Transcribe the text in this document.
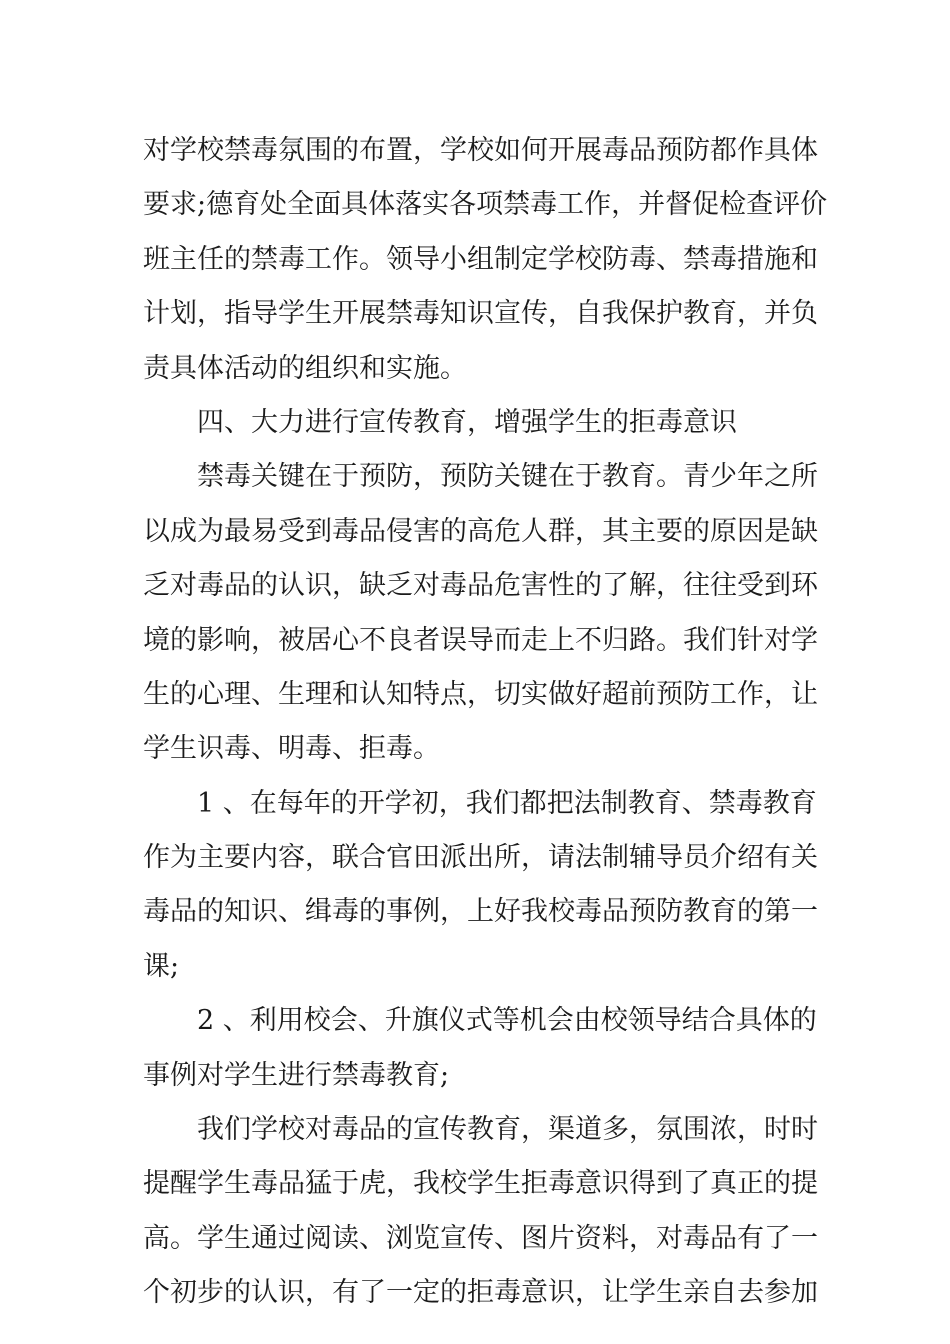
对学校禁毒氛围的布置，学校如何开展毒品预防都作具体
要求;德育处全面具体落实各项禁毒工作，并督促检查评价
班主任的禁毒工作。领导小组制定学校防毒、禁毒措施和
计划，指导学生开展禁毒知识宣传，自我保护教育，并负
责具体活动的组织和实施。
四、大力进行宣传教育，增强学生的拒毒意识
禁毒关键在于预防，预防关键在于教育。青少年之所
以成为最易受到毒品侵害的高危人群，其主要的原因是缺
乏对毒品的认识，缺乏对毒品危害性的了解，往往受到环
境的影响，被居心不良者误导而走上不归路。我们针对学
生的心理、生理和认知特点，切实做好超前预防工作，让
学生识毒、明毒、拒毒。
1 、在每年的开学初，我们都把法制教育、禁毒教育
作为主要内容，联合官田派出所，请法制辅导员介绍有关
毒品的知识、缉毒的事例，上好我校毒品预防教育的第一
课;
2 、利用校会、升旗仪式等机会由校领导结合具体的
事例对学生进行禁毒教育;
我们学校对毒品的宣传教育，渠道多，氛围浓，时时
提醒学生毒品猛于虎，我校学生拒毒意识得到了真正的提
高。学生通过阅读、浏览宣传、图片资料，对毒品有了一
个初步的认识，有了一定的拒毒意识，让学生亲自去参加
